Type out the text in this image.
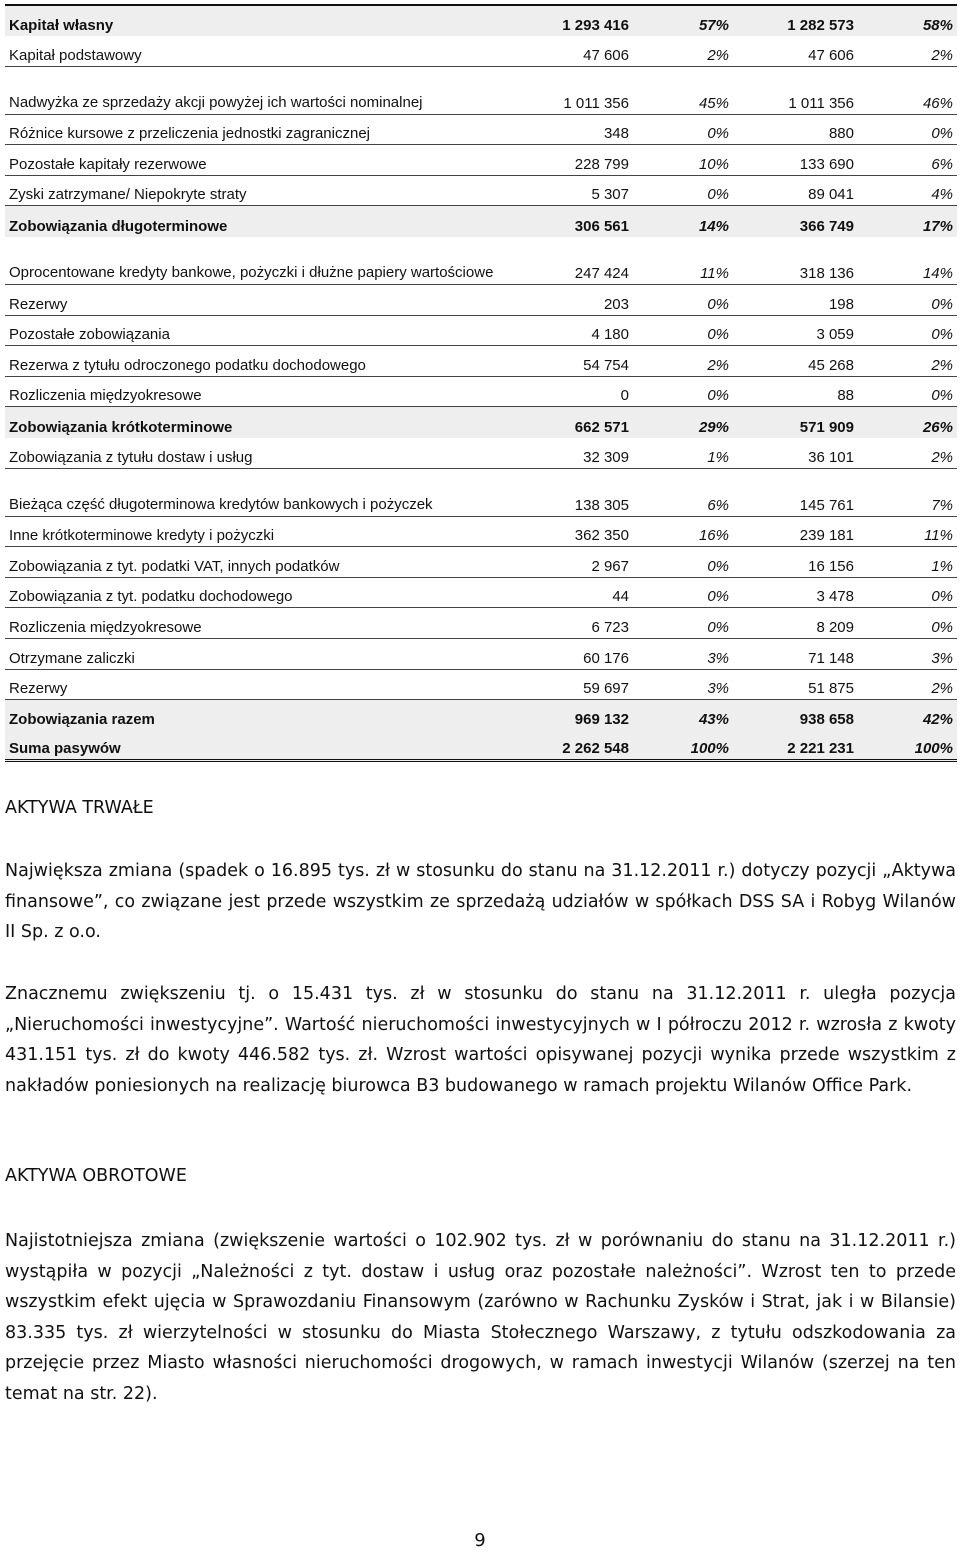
Kapitał własny	1 293 416	57%	1 282 573	58%
Kapitał podstawowy	47 606	2%	47 606	2%
Nadwyżka ze sprzedaży akcji powyżej ich wartości nominalnej	1 011 356	45%	1 011 356	46%
Różnice kursowe z przeliczenia jednostki zagranicznej	348	0%	880	0%
Pozostałe kapitały rezerwowe	228 799	10%	133 690	6%
Zyski zatrzymane/ Niepokryte straty	5 307	0%	89 041	4%
Zobowiązania długoterminowe	306 561	14%	366 749	17%
Oprocentowane kredyty bankowe, pożyczki i dłużne papiery wartościowe	247 424	11%	318 136	14%
Rezerwy	203	0%	198	0%
Pozostałe zobowiązania	4 180	0%	3 059	0%
Rezerwa z tytułu odroczonego podatku dochodowego	54 754	2%	45 268	2%
Rozliczenia międzyokresowe	0	0%	88	0%
Zobowiązania krótkoterminowe	662 571	29%	571 909	26%
Zobowiązania z tytułu dostaw i usług	32 309	1%	36 101	2%
Bieżąca część długoterminowa kredytów bankowych i pożyczek	138 305	6%	145 761	7%
Inne krótkoterminowe kredyty i pożyczki	362 350	16%	239 181	11%
Zobowiązania z tyt. podatki VAT, innych podatków	2 967	0%	16 156	1%
Zobowiązania z tyt. podatku dochodowego	44	0%	3 478	0%
Rozliczenia międzyokresowe	6 723	0%	8 209	0%
Otrzymane zaliczki	60 176	3%	71 148	3%
Rezerwy	59 697	3%	51 875	2%
Zobowiązania razem	969 132	43%	938 658	42%
Suma pasywów	2 262 548	100%	2 221 231	100%
AKTYWA TRWAŁE
Największa zmiana (spadek o 16.895 tys. zł w stosunku do stanu na 31.12.2011 r.) dotyczy pozycji „Aktywa finansowe”, co związane jest przede wszystkim ze sprzedażą udziałów w spółkach DSS SA i Robyg Wilanów II Sp. z o.o.
Znacznemu zwiększeniu tj. o 15.431 tys. zł w stosunku do stanu na 31.12.2011 r. uległa pozycja „Nieruchomości inwestycyjne”. Wartość nieruchomości inwestycyjnych w I półroczu 2012 r. wzrosła z kwoty 431.151 tys. zł do kwoty 446.582 tys. zł. Wzrost wartości opisywanej pozycji wynika przede wszystkim z nakładów poniesionych na realizację biurowca B3 budowanego w ramach projektu Wilanów Office Park.
AKTYWA OBROTOWE
Najistotniejsza zmiana (zwiększenie wartości o 102.902 tys. zł w porównaniu do stanu na 31.12.2011 r.) wystąpiła w pozycji „Należności z tyt. dostaw i usług oraz pozostałe należności”. Wzrost ten to przede wszystkim efekt ujęcia w Sprawozdaniu Finansowym (zarówno w Rachunku Zysków i Strat, jak i w Bilansie) 83.335 tys. zł wierzytelności w stosunku do Miasta Stołecznego Warszawy, z tytułu odszkodowania za przejęcie przez Miasto własności nieruchomości drogowych, w ramach inwestycji Wilanów (szerzej na ten temat na str. 22).
9
